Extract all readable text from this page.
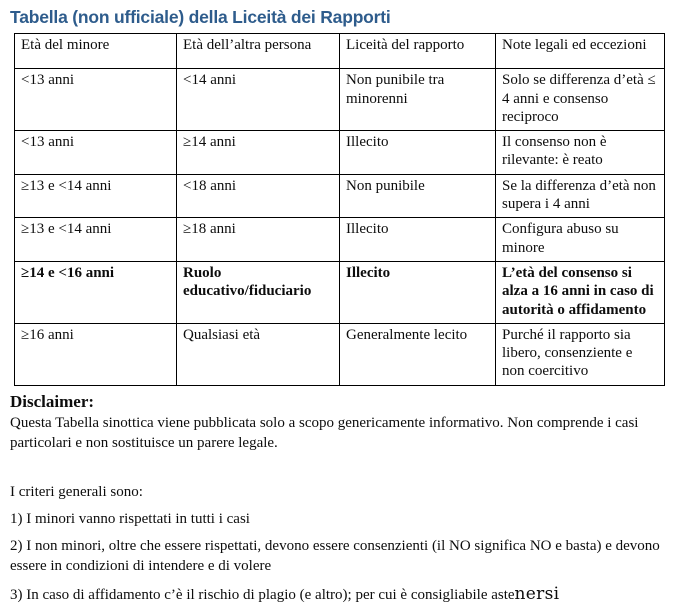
Tabella (non ufficiale) della Liceità dei Rapporti
Età del minore	Età dell’altra persona	Liceità del rapporto	Note legali ed eccezioni
<13 anni	<14 anni	Non punibile tra minorenni	Solo se differenza d’età ≤ 4 anni e consenso reciproco
<13 anni	≥14 anni	Illecito	Il consenso non è rilevante: è reato
≥13 e <14 anni	<18 anni	Non punibile	Se la differenza d’età non supera i 4 anni
≥13 e <14 anni	≥18 anni	Illecito	Configura abuso su minore
≥14 e <16 anni	Ruolo educativo/fiduciario	Illecito	L’età del consenso si alza a 16 anni in caso di autorità o affidamento
≥16 anni	Qualsiasi età	Generalmente lecito	Purché il rapporto sia libero, consenziente e non coercitivo
Disclaimer:

Questa Tabella sinottica viene pubblicata solo a scopo genericamente informativo. Non comprende i casi particolari e non sostituisce un parere legale.

I criteri generali sono:

1) I minori vanno rispettati in tutti i casi

2) I non minori, oltre che essere rispettati, devono essere consenzienti (il NO significa NO e basta) e devono essere in condizioni di intendere e di volere

3) In caso di affidamento c’è il rischio di plagio (e altro); per cui è consigliabile astenersi
